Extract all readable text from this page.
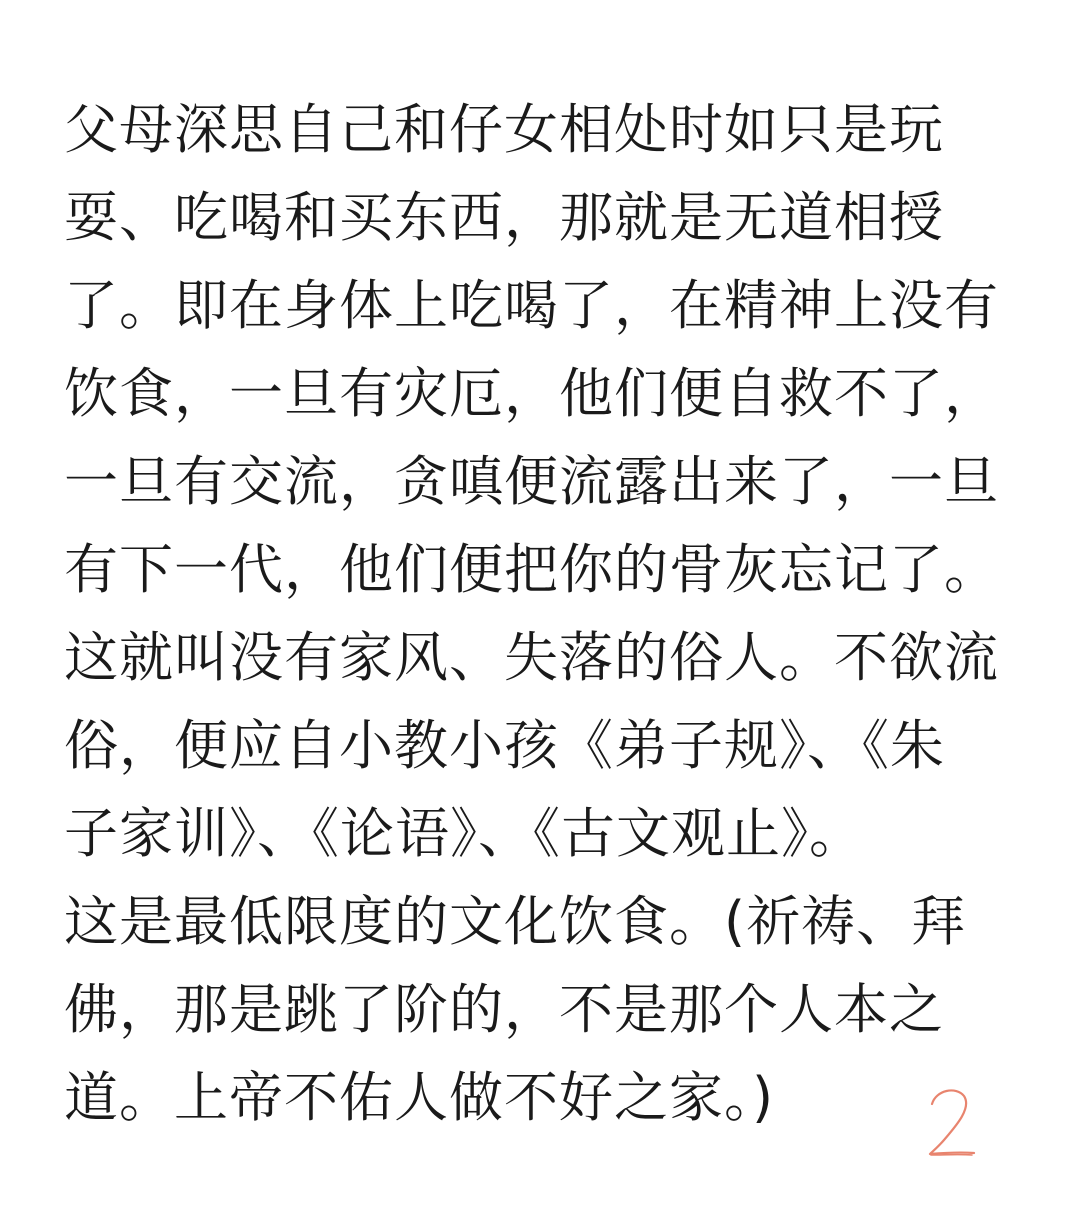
父母深思自己和仔女相处时如只是玩
耍、吃喝和买东西，那就是无道相授
了。即在身体上吃喝了，在精神上没有
饮食，一旦有灾厄，他们便自救不了，
一旦有交流，贪嗔便流露出来了，一旦
有下一代，他们便把你的骨灰忘记了。
这就叫没有家风、失落的俗人。不欲流
俗，便应自小教小孩《弟子规》、《朱
子家训》、《论语》、《古文观止》。
这是最低限度的文化饮食。(祈祷、拜
佛，那是跳了阶的，不是那个人本之
道。上帝不佑人做不好之家。)
